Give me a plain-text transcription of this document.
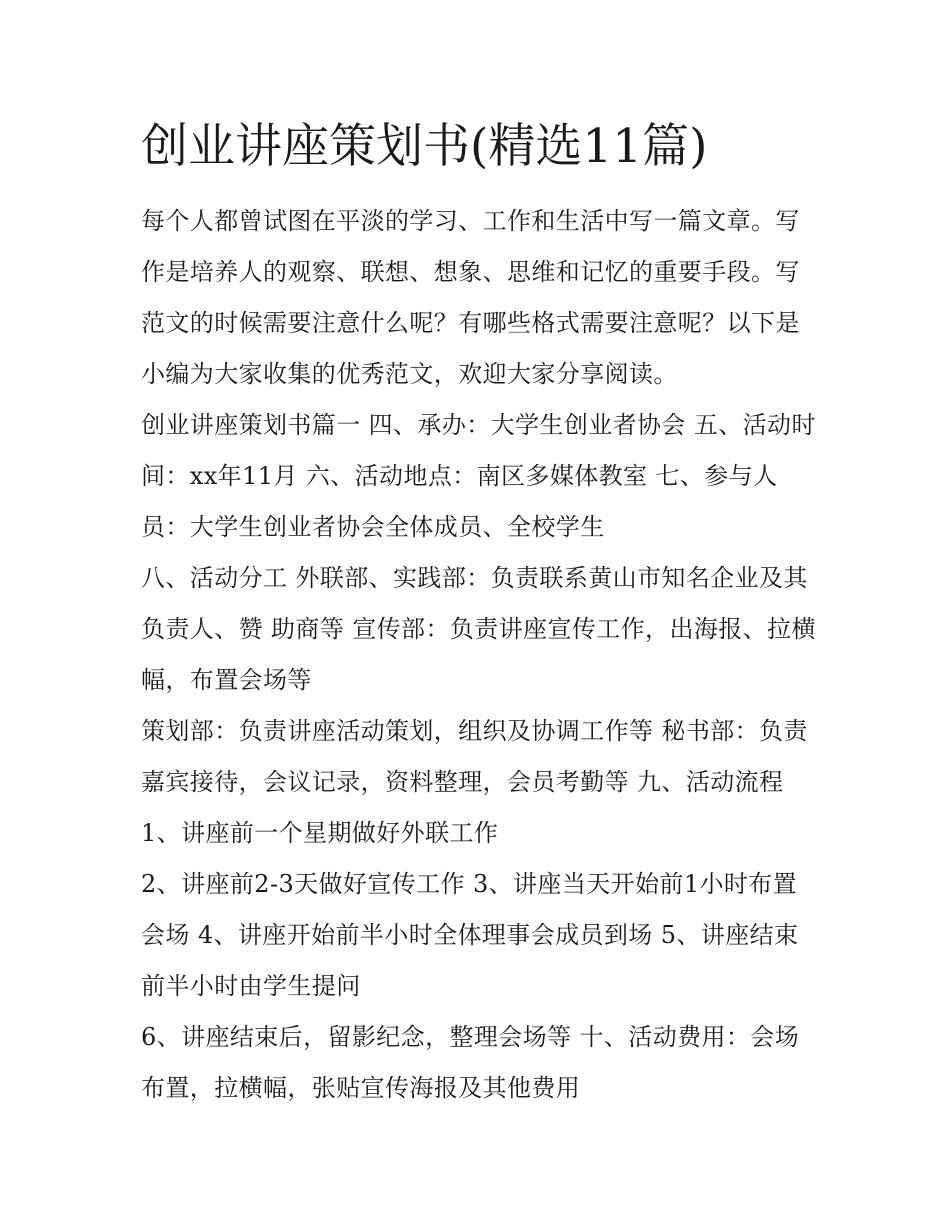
创业讲座策划书(精选11篇)

每个人都曾试图在平淡的学习、工作和生活中写一篇文章。写作是培养人的观察、联想、想象、思维和记忆的重要手段。写范文的时候需要注意什么呢？有哪些格式需要注意呢？以下是小编为大家收集的优秀范文，欢迎大家分享阅读。

创业讲座策划书篇一 四、承办：大学生创业者协会 五、活动时间：xx年11月 六、活动地点：南区多媒体教室 七、参与人员：大学生创业者协会全体成员、全校学生

八、活动分工 外联部、实践部：负责联系黄山市知名企业及其负责人、赞 助商等 宣传部：负责讲座宣传工作，出海报、拉横幅，布置会场等

策划部：负责讲座活动策划，组织及协调工作等 秘书部：负责嘉宾接待，会议记录，资料整理，会员考勤等 九、活动流程 1、讲座前一个星期做好外联工作

2、讲座前2-3天做好宣传工作 3、讲座当天开始前1小时布置会场 4、讲座开始前半小时全体理事会成员到场 5、讲座结束前半小时由学生提问

6、讲座结束后，留影纪念，整理会场等 十、活动费用：会场布置，拉横幅，张贴宣传海报及其他费用
